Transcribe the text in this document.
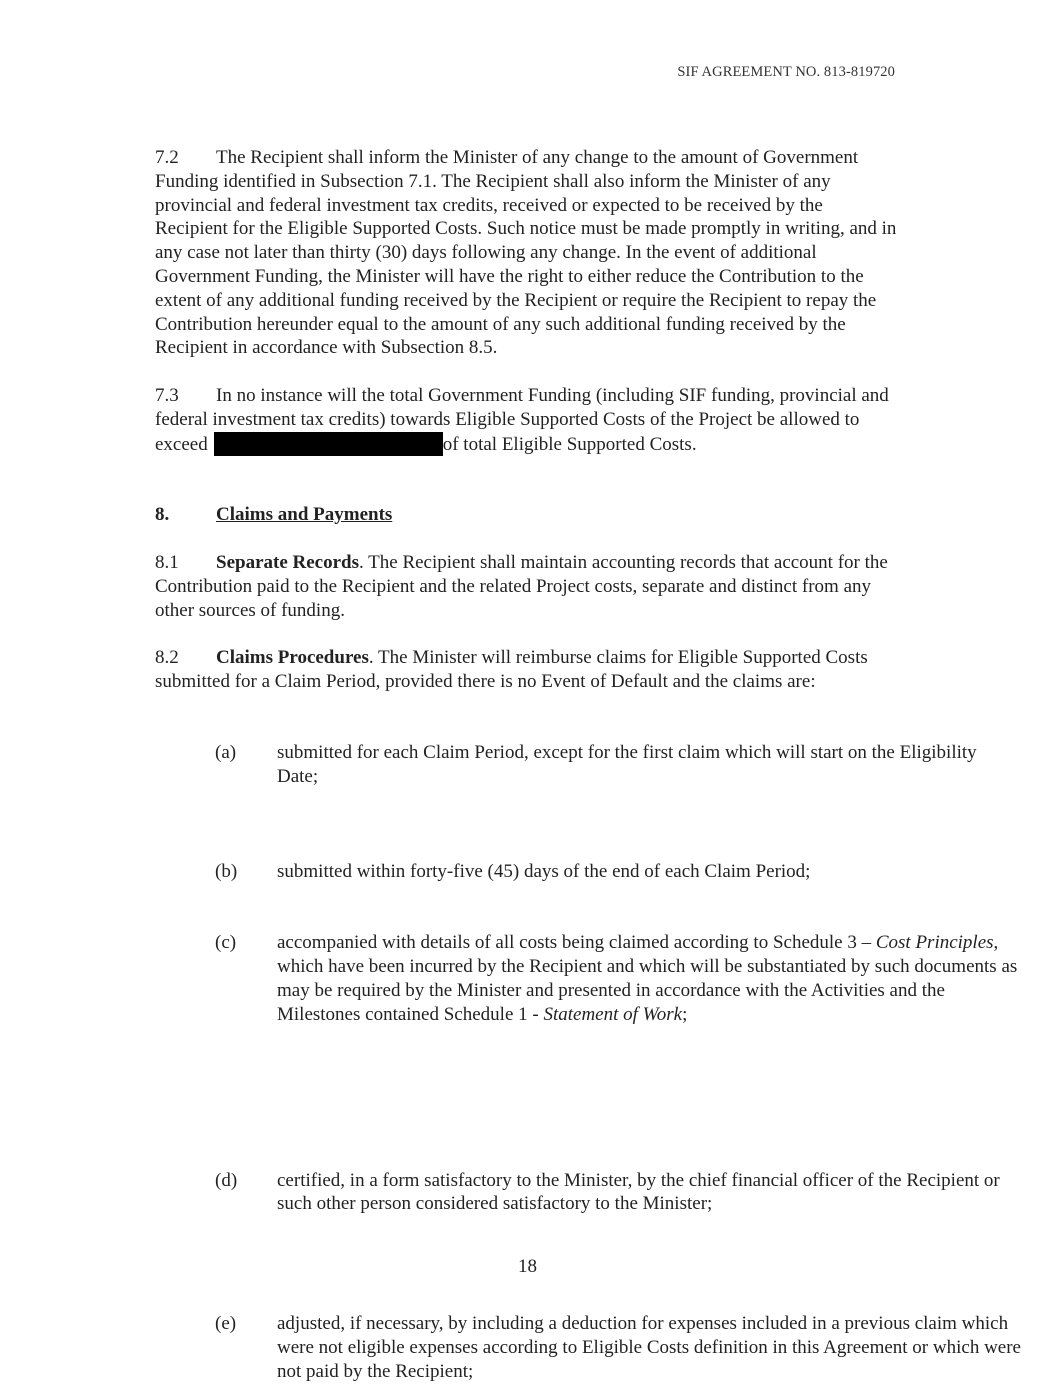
SIF AGREEMENT NO. 813-819720

7.2 The Recipient shall inform the Minister of any change to the amount of Government Funding identified in Subsection 7.1. The Recipient shall also inform the Minister of any provincial and federal investment tax credits, received or expected to be received by the Recipient for the Eligible Supported Costs. Such notice must be made promptly in writing, and in any case not later than thirty (30) days following any change. In the event of additional Government Funding, the Minister will have the right to either reduce the Contribution to the extent of any additional funding received by the Recipient or require the Recipient to repay the Contribution hereunder equal to the amount of any such additional funding received by the Recipient in accordance with Subsection 8.5.

7.3 In no instance will the total Government Funding (including SIF funding, provincial and federal investment tax credits) towards Eligible Supported Costs of the Project be allowed to exceed	of total Eligible Supported Costs.

8. Claims and Payments

8.1 Separate Records. The Recipient shall maintain accounting records that account for the Contribution paid to the Recipient and the related Project costs, separate and distinct from any other sources of funding.

8.2 Claims Procedures. The Minister will reimburse claims for Eligible Supported Costs submitted for a Claim Period, provided there is no Event of Default and the claims are:

(a) submitted for each Claim Period, except for the first claim which will start on the Eligibility Date;
(b) submitted within forty-five (45) days of the end of each Claim Period;
(c) accompanied with details of all costs being claimed according to Schedule 3 – Cost Principles, which have been incurred by the Recipient and which will be substantiated by such documents as may be required by the Minister and presented in accordance with the Activities and the Milestones contained Schedule 1 - Statement of Work;
(d) certified, in a form satisfactory to the Minister, by the chief financial officer of the Recipient or such other person considered satisfactory to the Minister;
(e) adjusted, if necessary, by including a deduction for expenses included in a previous claim which were not eligible expenses according to Eligible Costs definition in this Agreement or which were not paid by the Recipient;
18
